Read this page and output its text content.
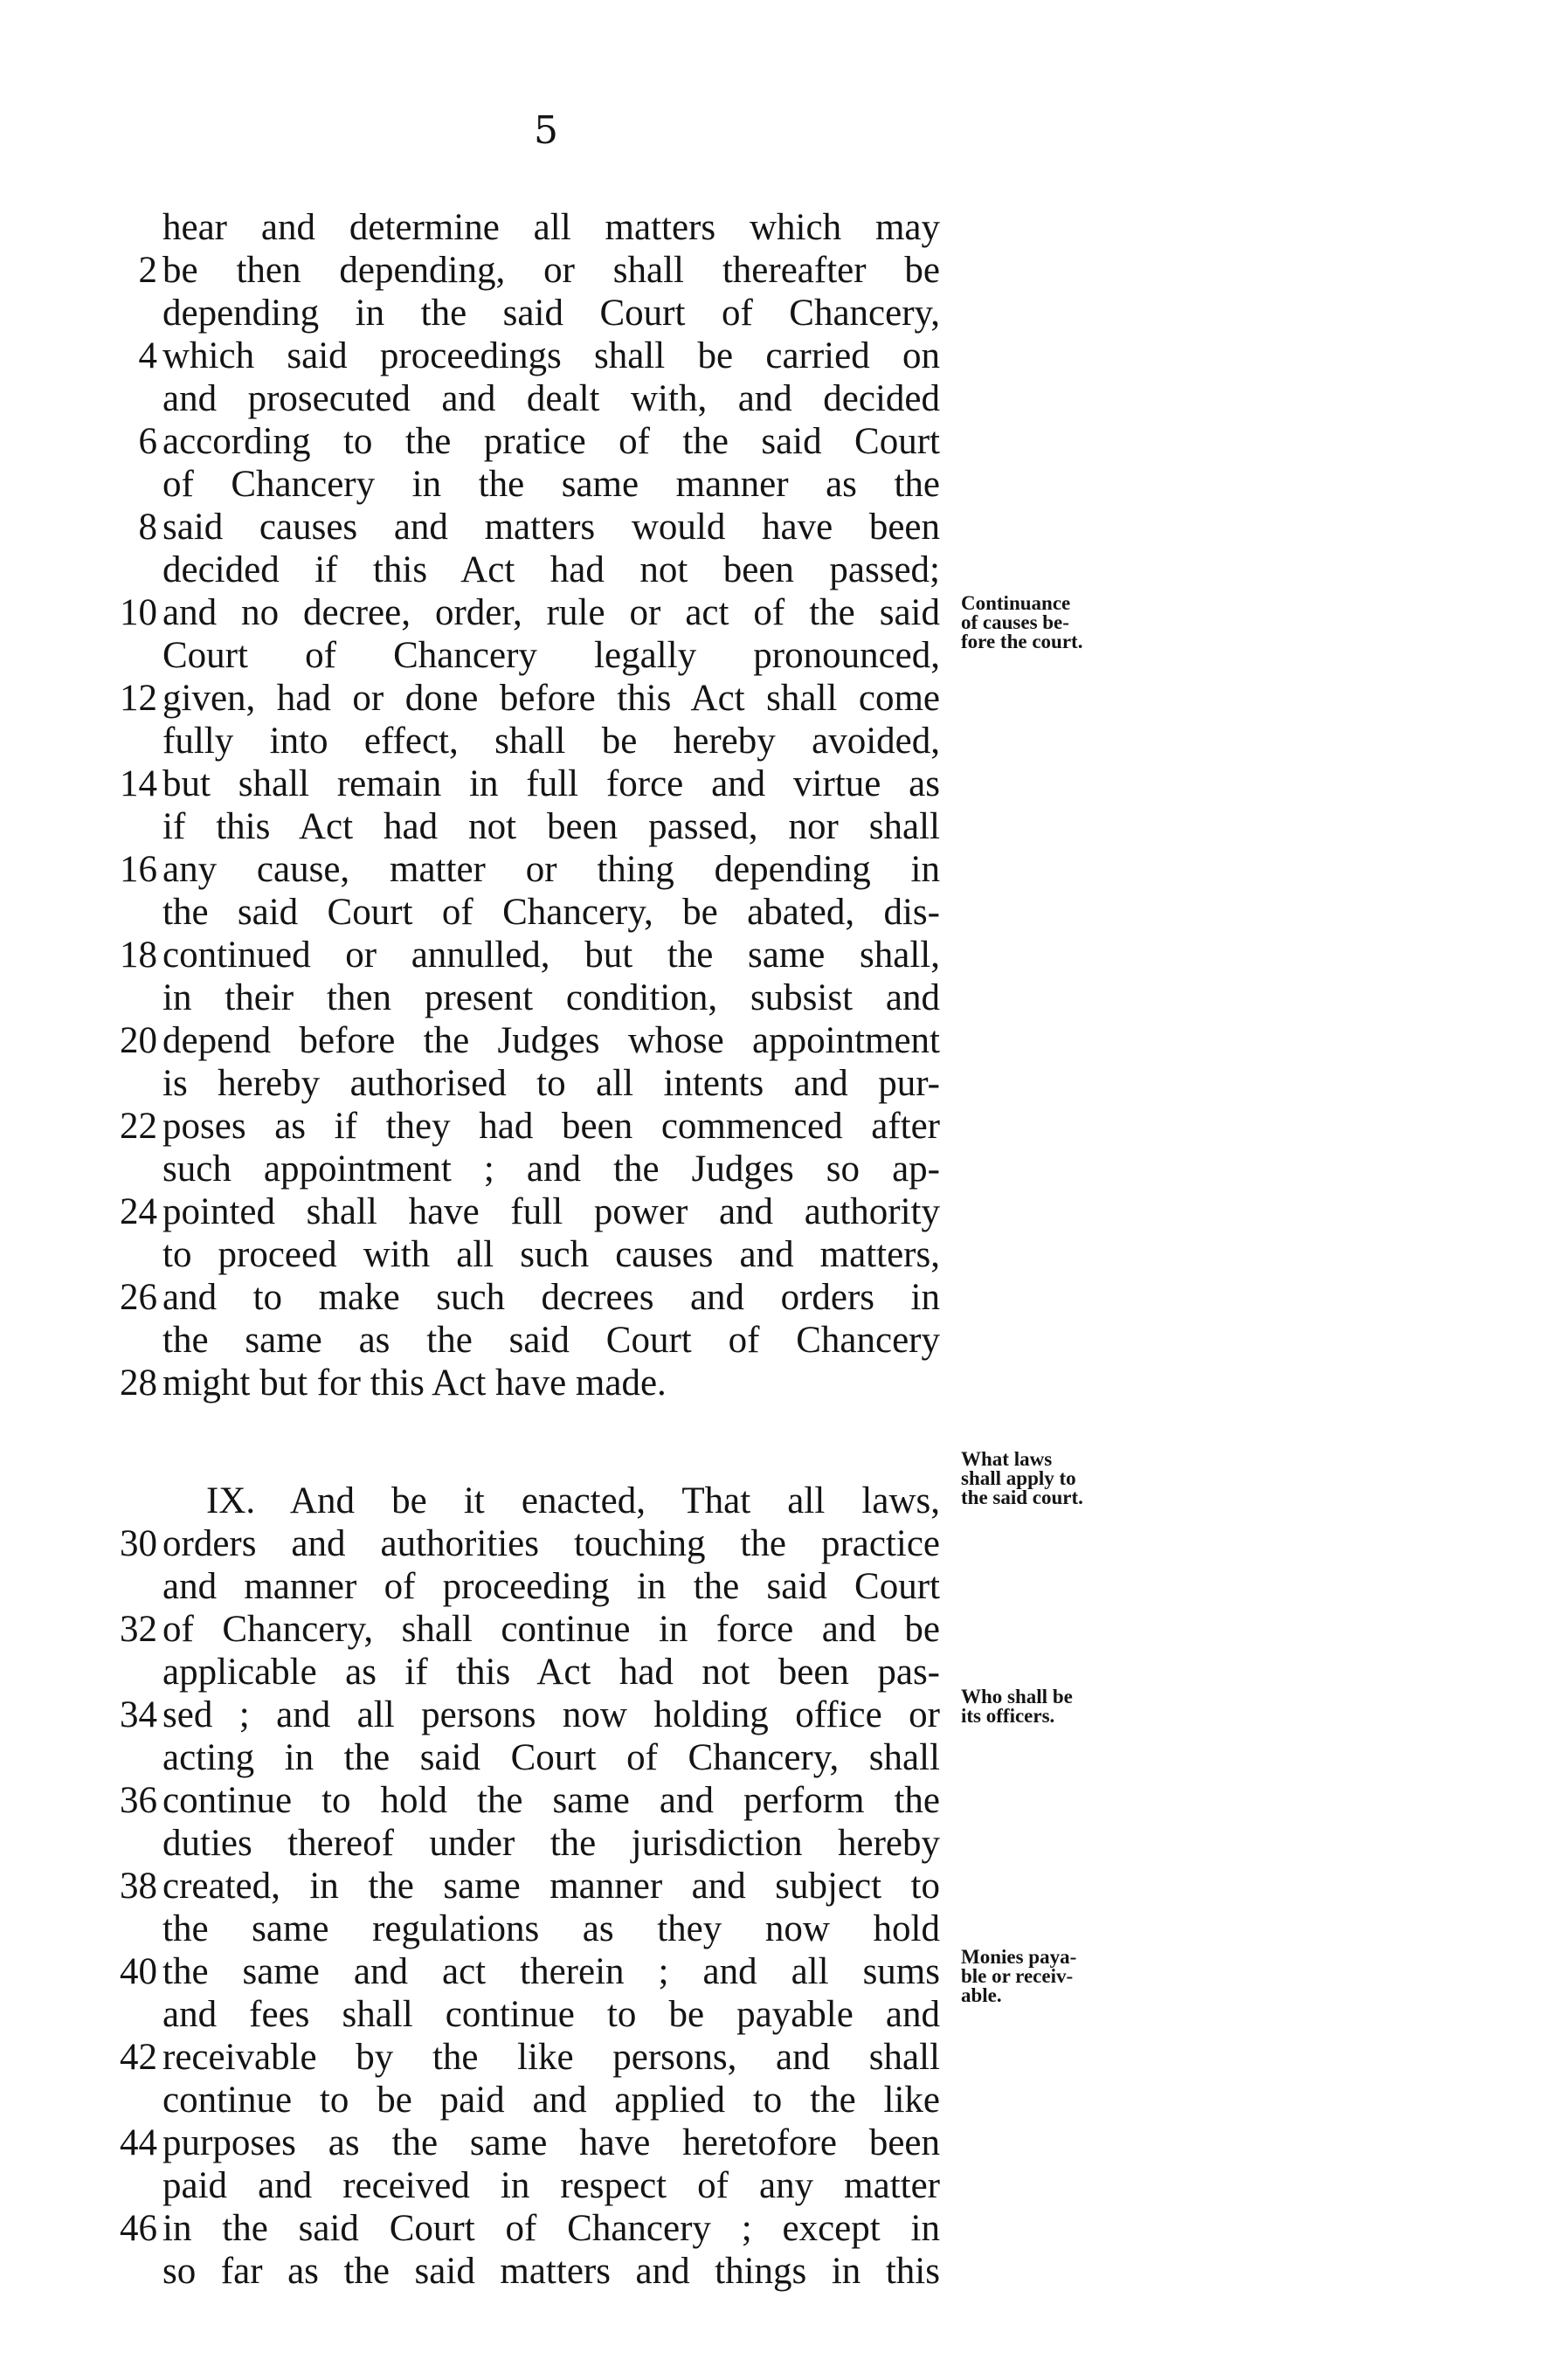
5
hear and determine all matters which may
2 be then depending, or shall thereafter be
depending in the said Court of Chancery,
4 which said proceedings shall be carried on
and prosecuted and dealt with, and decided
6 according to the pratice of the said Court
of Chancery in the same manner as the
8 said causes and matters would have been
decided if this Act had not been passed;
10 and no decree, order, rule or act of the said
Court of Chancery legally pronounced,
12 given, had or done before this Act shall come
fully into effect, shall be hereby avoided,
14 but shall remain in full force and virtue as
if this Act had not been passed, nor shall
16 any cause, matter or thing depending in
the said Court of Chancery, be abated, dis-
18 continued or annulled, but the same shall,
in their then present condition, subsist and
20 depend before the Judges whose appointment
is hereby authorised to all intents and pur-
22 poses as if they had been commenced after
such appointment ; and the Judges so ap-
24 pointed shall have full power and authority
to proceed with all such causes and matters,
26 and to make such decrees and orders in
the same as the said Court of Chancery
28 might but for this Act have made.
IX. And be it enacted, That all laws,
30 orders and authorities touching the practice
and manner of proceeding in the said Court
32 of Chancery, shall continue in force and be
applicable as if this Act had not been pas-
34 sed ; and all persons now holding office or
acting in the said Court of Chancery, shall
36 continue to hold the same and perform the
duties thereof under the jurisdiction hereby
38 created, in the same manner and subject to
the same regulations as they now hold
40 the same and act therein ; and all sums
and fees shall continue to be payable and
42 receivable by the like persons, and shall
continue to be paid and applied to the like
44 purposes as the same have heretofore been
paid and received in respect of any matter
46 in the said Court of Chancery ; except in
so far as the said matters and things in this
Continuance
of causes be-
fore the court.
What laws
shall apply to
the said court.
Who shall be
its officers.
Monies paya-
ble or receiv-
able.
